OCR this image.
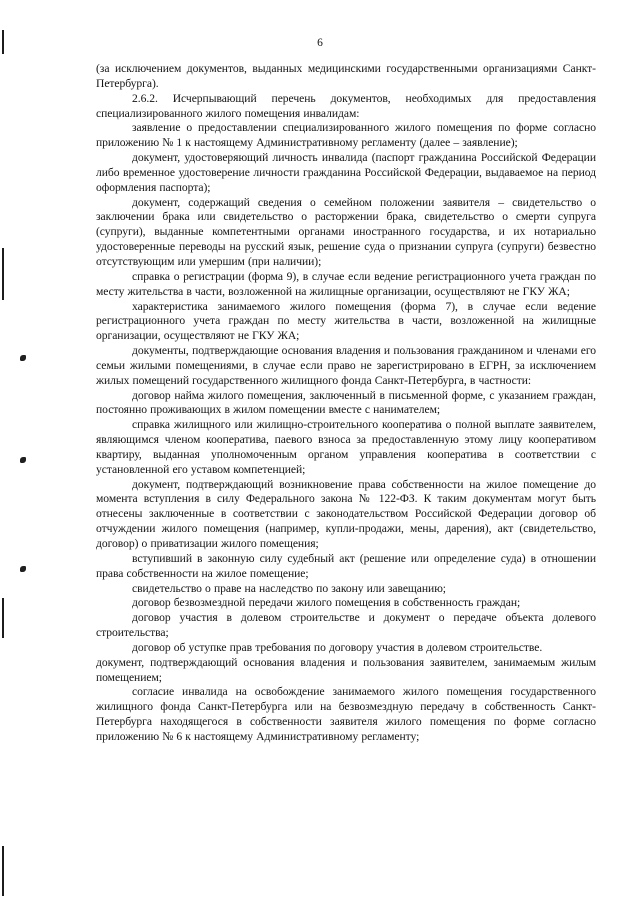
6

(за исключением документов, выданных медицинскими государственными организациями Санкт-Петербурга).

2.6.2. Исчерпывающий перечень документов, необходимых для предоставления специализированного жилого помещения инвалидам:

заявление о предоставлении специализированного жилого помещения по форме согласно приложению № 1 к настоящему Административному регламенту (далее – заявление);

документ, удостоверяющий личность инвалида (паспорт гражданина Российской Федерации либо временное удостоверение личности гражданина Российской Федерации, выдаваемое на период оформления паспорта);

документ, содержащий сведения о семейном положении заявителя – свидетельство о заключении брака или свидетельство о расторжении брака, свидетельство о смерти супруга (супруги), выданные компетентными органами иностранного государства, и их нотариально удостоверенные переводы на русский язык, решение суда о признании супруга (супруги) безвестно отсутствующим или умершим (при наличии);

справка о регистрации (форма 9), в случае если ведение регистрационного учета граждан по месту жительства в части, возложенной на жилищные организации, осуществляют не ГКУ ЖА;

характеристика занимаемого жилого помещения (форма 7), в случае если ведение регистрационного учета граждан по месту жительства в части, возложенной на жилищные организации, осуществляют не ГКУ ЖА;

документы, подтверждающие основания владения и пользования гражданином и членами его семьи жилыми помещениями, в случае если право не зарегистрировано в ЕГРН, за исключением жилых помещений государственного жилищного фонда Санкт-Петербурга, в частности:

договор найма жилого помещения, заключенный в письменной форме, с указанием граждан, постоянно проживающих в жилом помещении вместе с нанимателем;

справка жилищного или жилищно-строительного кооператива о полной выплате заявителем, являющимся членом кооператива, паевого взноса за предоставленную этому лицу кооперативом квартиру, выданная уполномоченным органом управления кооператива в соответствии с установленной его уставом компетенцией;

документ, подтверждающий возникновение права собственности на жилое помещение до момента вступления в силу Федерального закона № 122-ФЗ. К таким документам могут быть отнесены заключенные в соответствии с законодательством Российской Федерации договор об отчуждении жилого помещения (например, купли-продажи, мены, дарения), акт (свидетельство, договор) о приватизации жилого помещения;

вступивший в законную силу судебный акт (решение или определение суда) в отношении права собственности на жилое помещение;

свидетельство о праве на наследство по закону или завещанию;

договор безвозмездной передачи жилого помещения в собственность граждан;

договор участия в долевом строительстве и документ о передаче объекта долевого строительства;

договор об уступке прав требования по договору участия в долевом строительстве.

документ, подтверждающий основания владения и пользования заявителем, занимаемым жилым помещением;

согласие инвалида на освобождение занимаемого жилого помещения государственного жилищного фонда Санкт-Петербурга или на безвозмездную передачу в собственность Санкт-Петербурга находящегося в собственности заявителя жилого помещения по форме согласно приложению № 6 к настоящему Административному регламенту;
